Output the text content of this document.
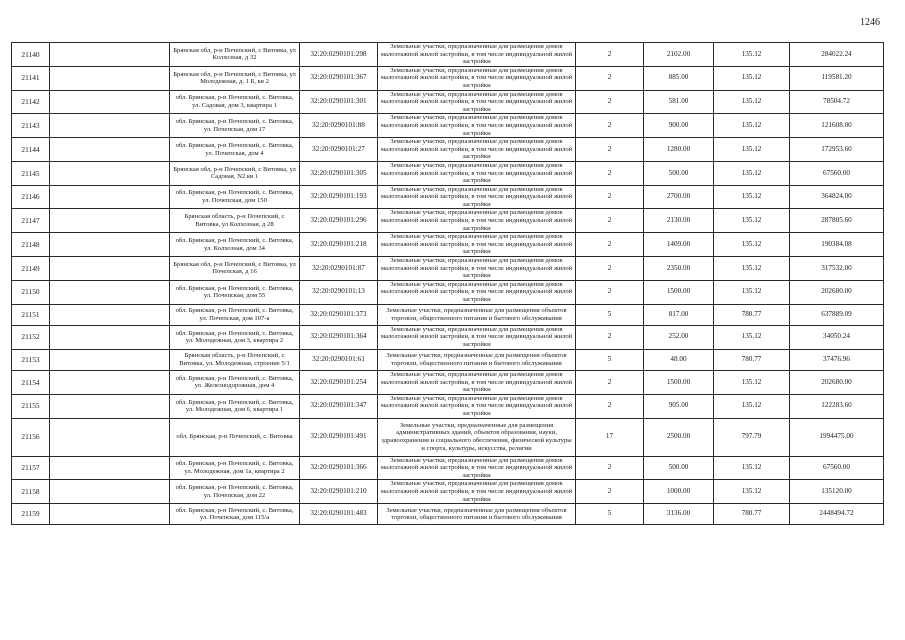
1246
21140		Брянская обл, р-н Почепский, с Витовка, ул Колхозная, д 32	32:20:0290101:298	Земельные участки, предназначенные для размещения домов малоэтажной жилой застройки, в том числе индивидуальной жилой застройки	2	2102.00	135.12	284022.24
21141		Брянская обл, р-н Почепский, с Витовка, ул Молодежная, д. 1 Б, кв 2	32:20:0290101:367	Земельные участки, предназначенные для размещения домов малоэтажной жилой застройки, в том числе индивидуальной жилой застройки	2	885.00	135.12	119581.20
21142		обл. Брянская, р-н Почепский, с. Витовка, ул. Садовая, дом 3, квартира 1	32:20:0290101:301	Земельные участки, предназначенные для размещения домов малоэтажной жилой застройки, в том числе индивидуальной жилой застройки	2	581.00	135.12	78504.72
21143		обл. Брянская, р-н Почепский, с. Витовка, ул. Почепская, дом 17	32:20:0290101:88	Земельные участки, предназначенные для размещения домов малоэтажной жилой застройки, в том числе индивидуальной жилой застройки	2	900.00	135.12	121608.00
21144		обл. Брянская, р-н Почепский, с. Витовка, ул. Почепская, дом 4	32:20:0290101:27	Земельные участки, предназначенные для размещения домов малоэтажной жилой застройки, в том числе индивидуальной жилой застройки	2	1280.00	135.12	172953.60
21145		Брянская обл, р-н Почепский, с Витовка, ул Садовая, N2 кв 1	32:20:0290101:305	Земельные участки, предназначенные для размещения домов малоэтажной жилой застройки, в том числе индивидуальной жилой застройки	2	500.00	135.12	67560.00
21146		обл. Брянская, р-н Почепский, с. Витовка, ул. Почепская, дом 150	32:20:0290101:193	Земельные участки, предназначенные для размещения домов малоэтажной жилой застройки, в том числе индивидуальной жилой застройки	2	2700.00	135.12	364824.00
21147		Брянская область, р-н Почепский, с Витовка, ул Колхозная, д 28	32:20:0290101:296	Земельные участки, предназначенные для размещения домов малоэтажной жилой застройки, в том числе индивидуальной жилой застройки	2	2130.00	135.12	287805.60
21148		обл. Брянская, р-н Почепский, с. Витовка, ул. Колхозная, дом 34	32:20:0290101:218	Земельные участки, предназначенные для размещения домов малоэтажной жилой застройки, в том числе индивидуальной жилой застройки	2	1409.00	135.12	190384.08
21149		Брянская обл, р-н Почепский, с Витовка, ул Почепская, д 16	32:20:0290101:87	Земельные участки, предназначенные для размещения домов малоэтажной жилой застройки, в том числе индивидуальной жилой застройки	2	2350.00	135.12	317532.00
21150		обл. Брянская, р-н Почепский, с. Витовка, ул. Почепская, дом 55	32:20:0290101:13	Земельные участки, предназначенные для размещения домов малоэтажной жилой застройки, в том числе индивидуальной жилой застройки	2	1500.00	135.12	202680.00
21151		обл. Брянская, р-н Почепский, с. Витовка, ул. Почепская, дом 107-а	32:20:0290101:373	Земельные участки, предназначенные для размещения объектов торговли, общественного питания и бытового обслуживания	5	817.00	780.77	637889.09
21152		обл. Брянская, р-н Почепский, с. Витовка, ул. Молодежная, дом 3, квартира 2	32:20:0290101:364	Земельные участки, предназначенные для размещения домов малоэтажной жилой застройки, в том числе индивидуальной жилой застройки	2	252.00	135.12	34050.24
21153		Брянская область, р-н Почепский, с Витовка, ул. Молодежная, строение 5/1	32:20:0290101:61	Земельные участки, предназначенные для размещения объектов торговли, общественного питания и бытового обслуживания	5	48.00	780.77	37476.96
21154		обл. Брянская, р-н Почепский, с. Витовка, ул. Железнодорожная, дом 4	32:20:0290101:254	Земельные участки, предназначенные для размещения домов малоэтажной жилой застройки, в том числе индивидуальной жилой застройки	2	1500.00	135.12	202680.00
21155		обл. Брянская, р-н Почепский, с. Витовка, ул. Молодежная, дом 6, квартира 1	32:20:0290101:347	Земельные участки, предназначенные для размещения домов малоэтажной жилой застройки, в том числе индивидуальной жилой застройки	2	905.00	135.12	122283.60
21156		обл. Брянская, р-н Почепский, с. Витовка	32:20:0290101:491	Земельные участки, предназначенные для размещения административных зданий, объектов образования, науки, здравоохранения и социального обеспечения, физической культуры и спорта, культуры, искусства, религии	17	2500.00	797.79	1994475.00
21157		обл. Брянская, р-н Почепский, с. Витовка, ул. Молодежная, дом 1а, квартира 2	32:20:0290101:366	Земельные участки, предназначенные для размещения домов малоэтажной жилой застройки, в том числе индивидуальной жилой застройки	2	500.00	135.12	67560.00
21158		обл. Брянская, р-н Почепский, с. Витовка, ул. Почепская, дом 22	32:20:0290101:210	Земельные участки, предназначенные для размещения домов малоэтажной жилой застройки, в том числе индивидуальной жилой застройки	2	1000.00	135.12	135120.00
21159		обл. Брянская, р-н Почепский, с. Витовка, ул. Почепская, дом 115/а	32:20:0290101:483	Земельные участки, предназначенные для размещения объектов торговли, общественного питания и бытового обслуживания	5	3136.00	780.77	2448494.72
